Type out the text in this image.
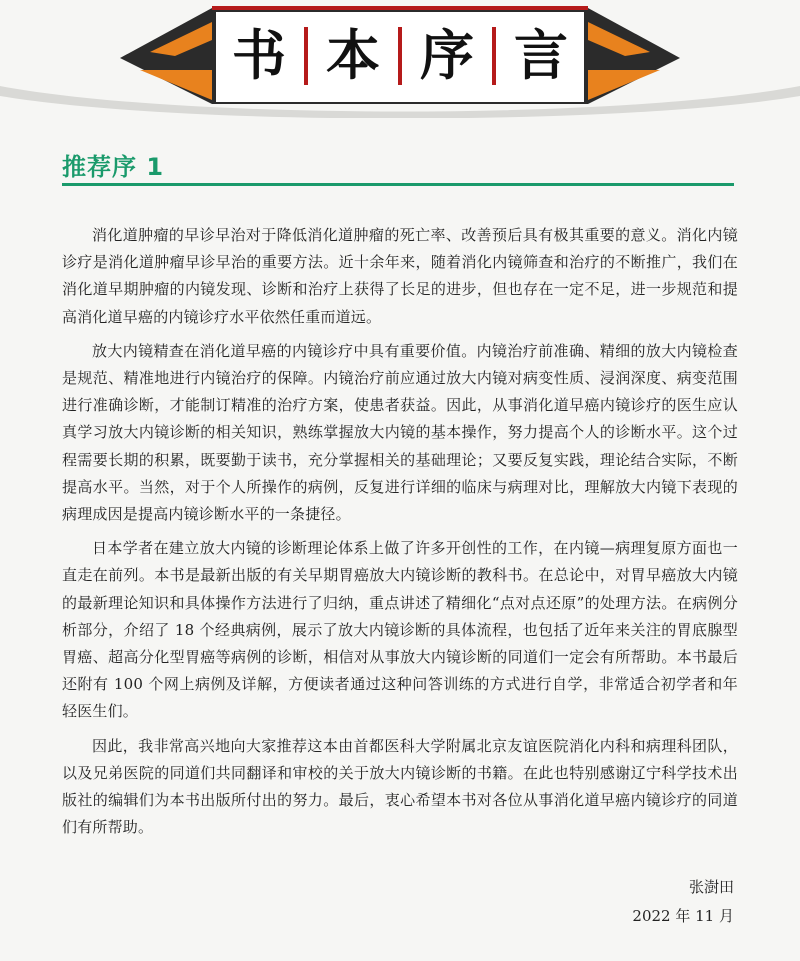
书 本 序 言
推荐序 1

消化道肿瘤的早诊早治对于降低消化道肿瘤的死亡率、改善预后具有极其重要的意义。消化内镜诊疗是消化道肿瘤早诊早治的重要方法。近十余年来，随着消化内镜筛查和治疗的不断推广，我们在消化道早期肿瘤的内镜发现、诊断和治疗上获得了长足的进步，但也存在一定不足，进一步规范和提高消化道早癌的内镜诊疗水平依然任重而道远。

放大内镜精查在消化道早癌的内镜诊疗中具有重要价值。内镜治疗前准确、精细的放大内镜检查是规范、精准地进行内镜治疗的保障。内镜治疗前应通过放大内镜对病变性质、浸润深度、病变范围进行准确诊断，才能制订精准的治疗方案，使患者获益。因此，从事消化道早癌内镜诊疗的医生应认真学习放大内镜诊断的相关知识，熟练掌握放大内镜的基本操作，努力提高个人的诊断水平。这个过程需要长期的积累，既要勤于读书，充分掌握相关的基础理论；又要反复实践，理论结合实际，不断提高水平。当然，对于个人所操作的病例，反复进行详细的临床与病理对比，理解放大内镜下表现的病理成因是提高内镜诊断水平的一条捷径。

日本学者在建立放大内镜的诊断理论体系上做了许多开创性的工作，在内镜—病理复原方面也一直走在前列。本书是最新出版的有关早期胃癌放大内镜诊断的教科书。在总论中，对胃早癌放大内镜的最新理论知识和具体操作方法进行了归纳，重点讲述了精细化“点对点还原”的处理方法。在病例分析部分，介绍了 18 个经典病例，展示了放大内镜诊断的具体流程，也包括了近年来关注的胃底腺型胃癌、超高分化型胃癌等病例的诊断，相信对从事放大内镜诊断的同道们一定会有所帮助。本书最后还附有 100 个网上病例及详解，方便读者通过这种问答训练的方式进行自学，非常适合初学者和年轻医生们。

因此，我非常高兴地向大家推荐这本由首都医科大学附属北京友谊医院消化内科和病理科团队，以及兄弟医院的同道们共同翻译和审校的关于放大内镜诊断的书籍。在此也特别感谢辽宁科学技术出版社的编辑们为本书出版所付出的努力。最后，衷心希望本书对各位从事消化道早癌内镜诊疗的同道们有所帮助。

张澍田
2022 年 11 月
